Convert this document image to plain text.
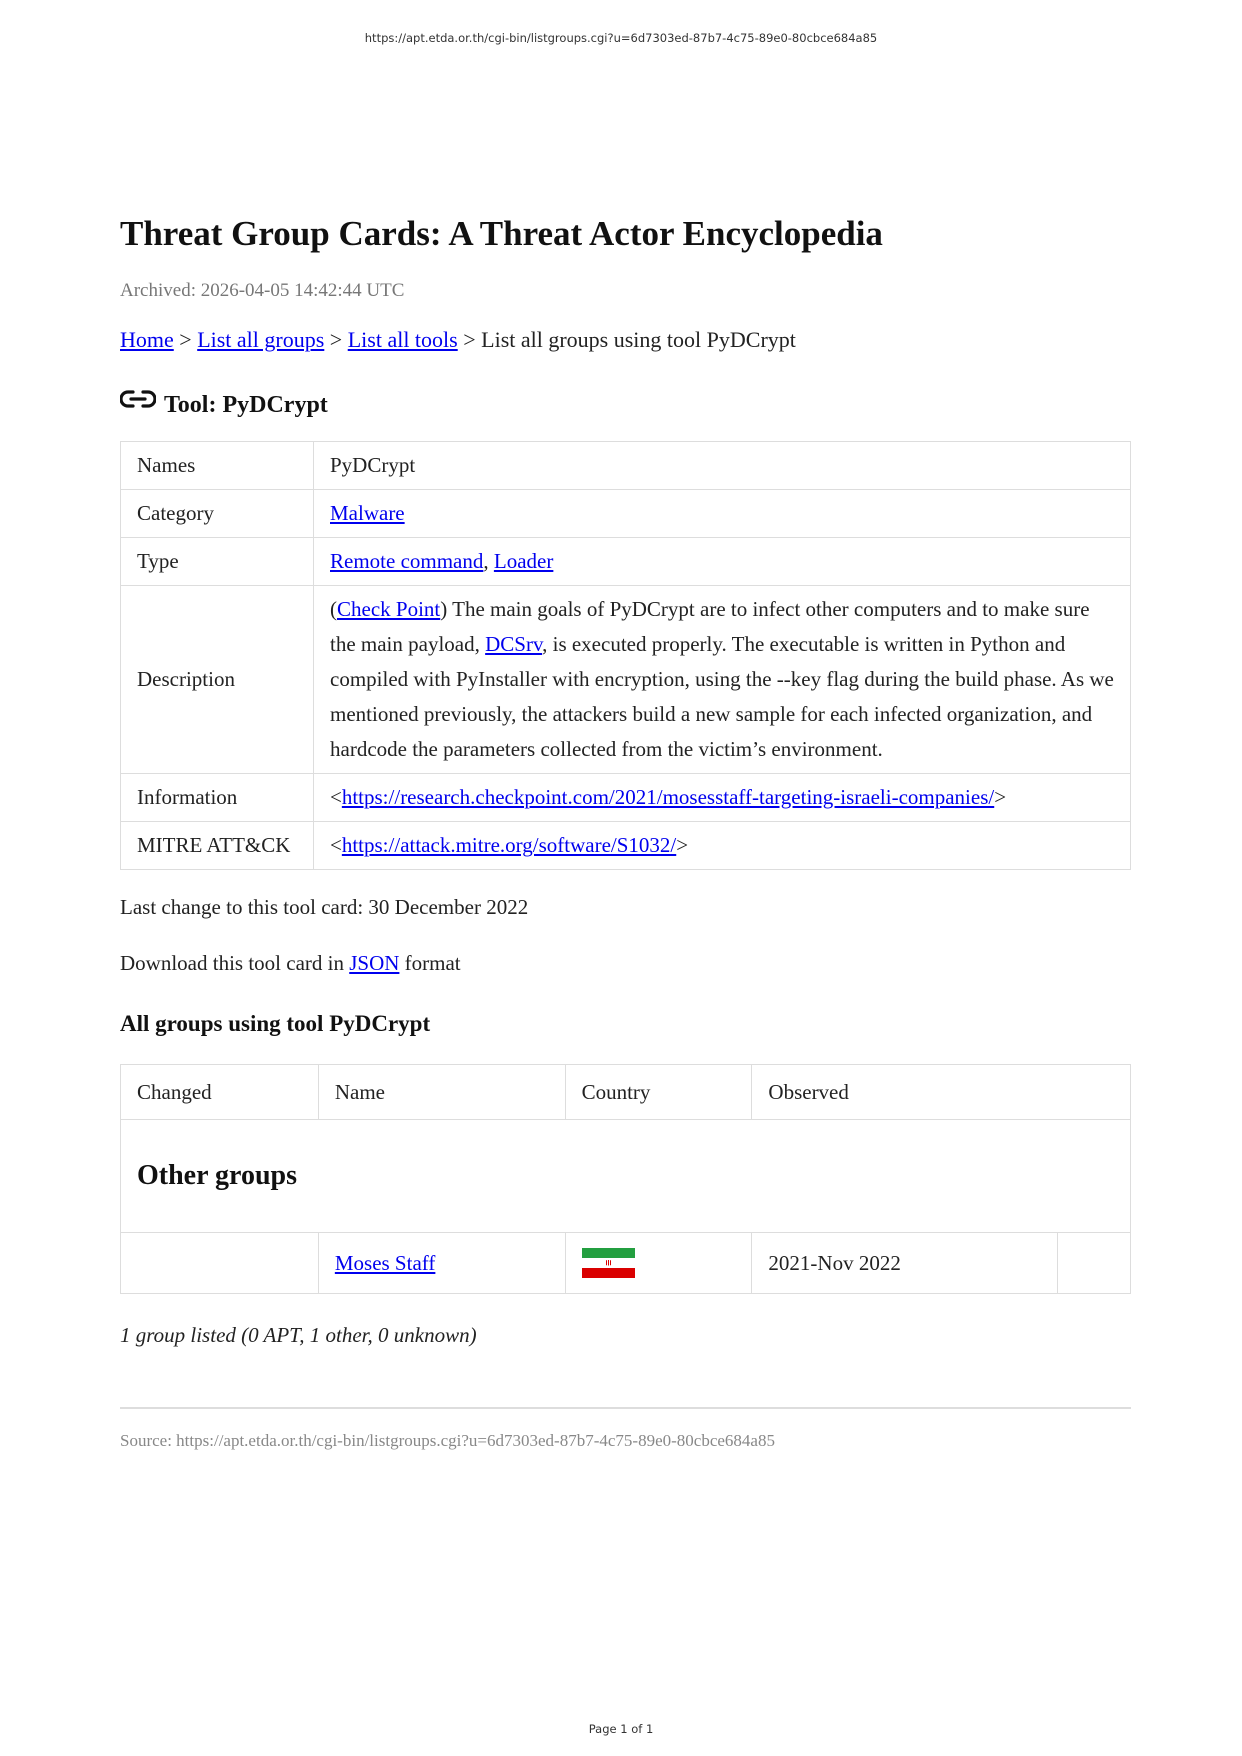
https://apt.etda.or.th/cgi-bin/listgroups.cgi?u=6d7303ed-87b7-4c75-89e0-80cbce684a85
Threat Group Cards: A Threat Actor Encyclopedia
Archived: 2026-04-05 14:42:44 UTC
Home > List all groups > List all tools > List all groups using tool PyDCrypt
Tool: PyDCrypt
Names	PyDCrypt
Category	Malware
Type	Remote command, Loader
Description	(Check Point) The main goals of PyDCrypt are to infect other computers and to make sure the main payload, DCSrv, is executed properly. The executable is written in Python and compiled with PyInstaller with encryption, using the --key flag during the build phase. As we mentioned previously, the attackers build a new sample for each infected organization, and hardcode the parameters collected from the victim’s environment.
Information	<https://research.checkpoint.com/2021/mosesstaff-targeting-israeli-companies/>
MITRE ATT&CK	<https://attack.mitre.org/software/S1032/>

Last change to this tool card: 30 December 2022

Download this tool card in JSON format

All groups using tool PyDCrypt
Changed	Name	Country	Observed	
Other groups				
	Moses Staff		2021-Nov 2022	
1 group listed (0 APT, 1 other, 0 unknown)
Source: https://apt.etda.or.th/cgi-bin/listgroups.cgi?u=6d7303ed-87b7-4c75-89e0-80cbce684a85
Page 1 of 1
